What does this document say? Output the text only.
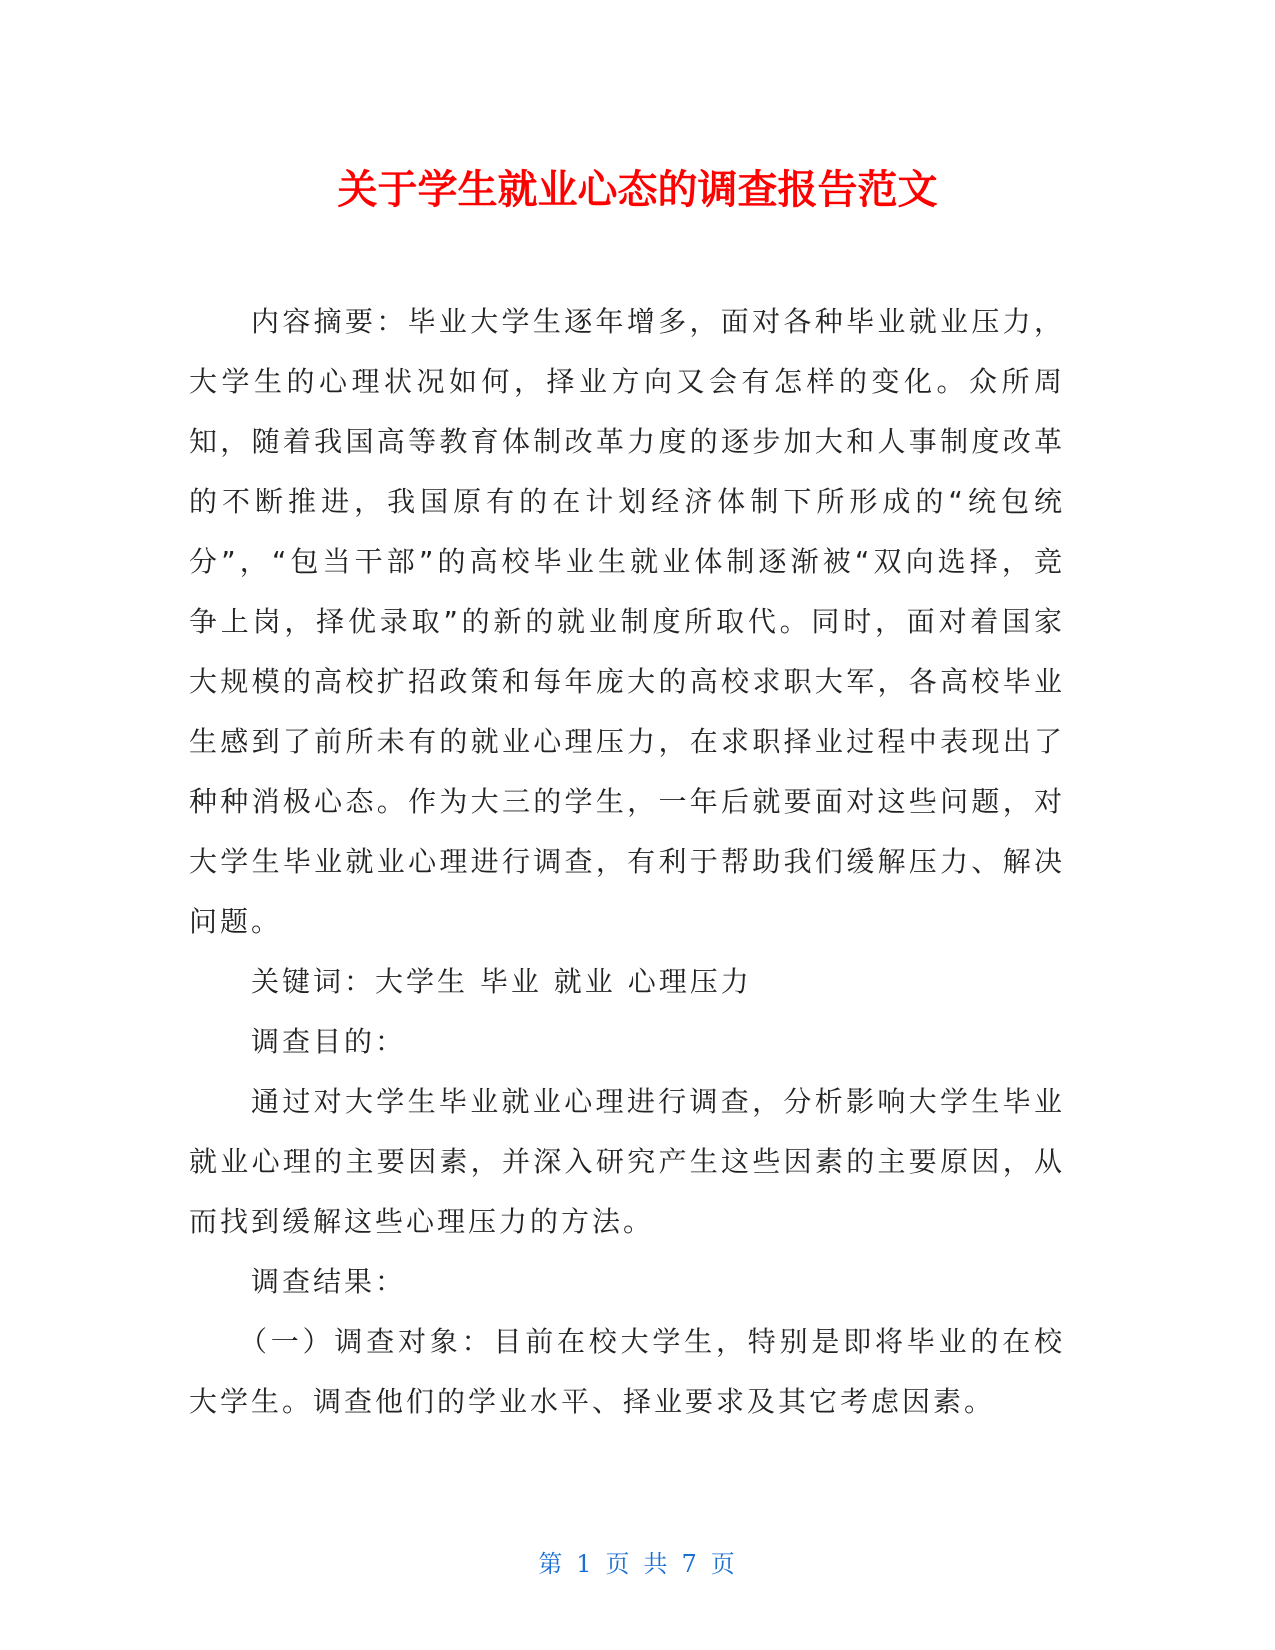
关于学生就业心态的调查报告范文

内容摘要：毕业大学生逐年增多，面对各种毕业就业压力，大学生的心理状况如何，择业方向又会有怎样的变化。众所周知，随着我国高等教育体制改革力度的逐步加大和人事制度改革的不断推进，我国原有的在计划经济体制下所形成的“统包统分”，“包当干部”的高校毕业生就业体制逐渐被“双向选择，竞争上岗，择优录取”的新的就业制度所取代。同时，面对着国家大规模的高校扩招政策和每年庞大的高校求职大军，各高校毕业生感到了前所未有的就业心理压力，在求职择业过程中表现出了种种消极心态。作为大三的学生，一年后就要面对这些问题，对大学生毕业就业心理进行调查，有利于帮助我们缓解压力、解决问题。

关键词：大学生 毕业 就业 心理压力

调查目的：

通过对大学生毕业就业心理进行调查，分析影响大学生毕业就业心理的主要因素，并深入研究产生这些因素的主要原因，从而找到缓解这些心理压力的方法。

调查结果：

（一）调查对象：目前在校大学生，特别是即将毕业的在校大学生。调查他们的学业水平、择业要求及其它考虑因素。

第 1 页 共 7 页
